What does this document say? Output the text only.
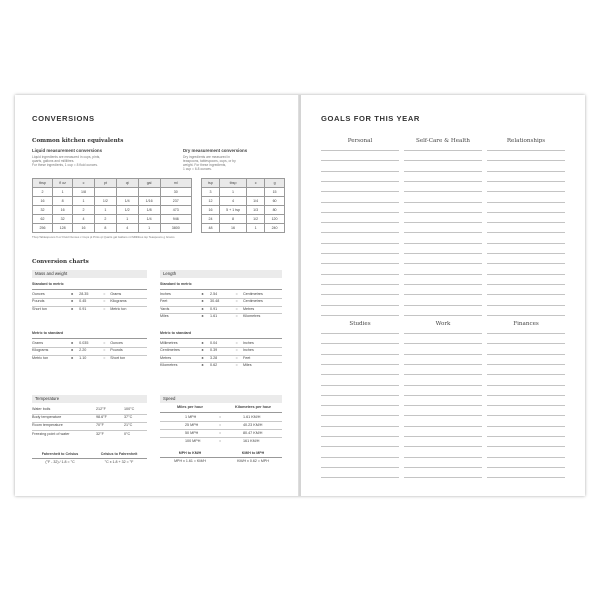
CONVERSIONS
Common kitchen equivalents
Liquid measurement conversions
Liquid ingredients are measured in cups, pints,
quarts, gallons and millilitres.
For these ingredients, 1 cup = 8 fluid ounces.
Dry measurement conversions
Dry ingredients are measured in
teaspoons, tablespoons, cups, or by
weight. For these ingredients,
1 cup = 6.8 ounces.
tbsp	fl oz	c	pt	qt	gal	ml
2	1	1/8				30
16	8	1	1/2	1/4	1/16	237
32	16	2	1	1/2	1/8	473
62	32	4	2	1	1/4	946
256	128	16	8	4	1	3800
tsp	tbsp	c	g
3	1		15
12	4	1/4	60
16	5 + 1 tsp	1/3	80
24	8	1/2	120
48	16	1	240
Tbsp Tablespoons fl oz Fluid Ounces c Cups pt Pints qt Quarts gal Gallons ml Millilitres tsp Teaspoons g Grams
Conversion charts
Mass and weight
Standard to metric
Ounces	x 28.35	= Grams
Pounds	x 0.45	= Kilograms
Short ton	x 0.91	= Metric ton
Metric to standard
Grams	x 0.035	= Ounces
Kilograms	x 2.20	= Pounds
Metric ton	x 1.10	= Short ton
Length
Standard to metric
Inches	x 2.54	= Centimetres
Feet	x 30.48	= Centimetres
Yards	x 0.91	= Metres
Miles	x 1.61	= Kilometres
Metric to standard
Millimetres	x 0.04	= Inches
Centimetres	x 0.39	= Inches
Metres	x 3.28	= Feet
Kilometres	x 0.62	= Miles
Temperature
Water boils	212°F	100°C
Body temperature	98.6°F	37°C
Room temperature	70°F	21°C
Freezing point of water	32°F	0°C
Fahrenheit to Celsius
(°F - 32) / 1.8 = °C
Celsius to Fahrenheit
°C x 1.8 + 32 = °F
Speed
Miles per hour	Kilometres per hour
1 MPH	=	1.61 KM/H
25 MPH	=	40.23 KM/H
50 MPH	=	80.47 KM/H
100 MPH	=	161 KM/H
MPH to KM/H
MPH x 1.61 = KM/H
KM/H to MPH
KM/H x 0.62 = MPH
GOALS FOR THIS YEAR
Personal	Self-Care & Health	Relationships
Studies	Work	Finances
